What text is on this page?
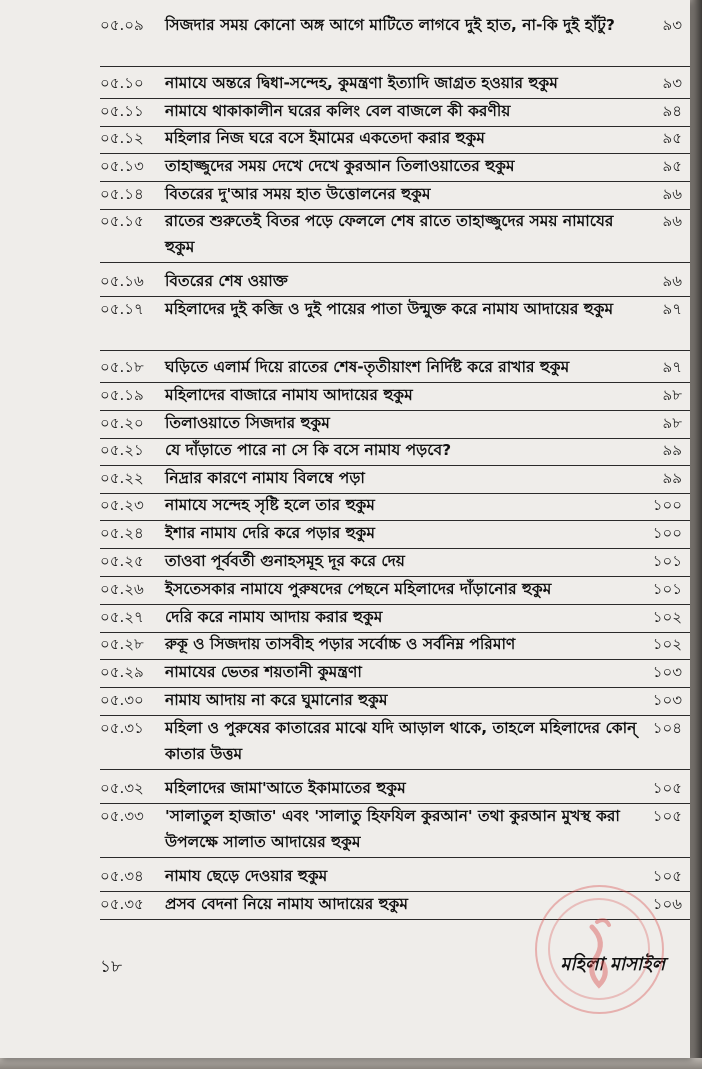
০৫.০৯ সিজদার সময় কোনো অঙ্গ আগে মাটিতে লাগবে দুই হাত, না-কি দুই হাঁটু?	৯৩
০৫.১০ নামাযে অন্তরে দ্বিধা-সন্দেহ, কুমন্ত্রণা ইত্যাদি জাগ্রত হওয়ার হুকুম	৯৩
০৫.১১ নামাযে থাকাকালীন ঘরের কলিং বেল বাজলে কী করণীয়	৯৪
০৫.১২ মহিলার নিজ ঘরে বসে ইমামের একতেদা করার হুকুম	৯৫
০৫.১৩ তাহাজ্জুদের সময় দেখে দেখে কুরআন তিলাওয়াতের হুকুম	৯৫
০৫.১৪ বিতরের দু'আর সময় হাত উত্তোলনের হুকুম	৯৬
০৫.১৫ রাতের শুরুতেই বিতর পড়ে ফেললে শেষ রাতে তাহাজ্জুদের সময় নামাযের হুকুম
৯৬
০৫.১৬ বিতরের শেষ ওয়াক্ত	৯৬
০৫.১৭ মহিলাদের দুই কব্জি ও দুই পায়ের পাতা উন্মুক্ত করে নামায আদায়ের হুকুম	৯৭
০৫.১৮ ঘড়িতে এলার্ম দিয়ে রাতের শেষ-তৃতীয়াংশ নির্দিষ্ট করে রাখার হুকুম	৯৭
০৫.১৯ মহিলাদের বাজারে নামায আদায়ের হুকুম	৯৮
০৫.২০ তিলাওয়াতে সিজদার হুকুম	৯৮
০৫.২১ যে দাঁড়াতে পারে না সে কি বসে নামায পড়বে?	৯৯
০৫.২২ নিদ্রার কারণে নামায বিলম্বে পড়া	৯৯
০৫.২৩ নামাযে সন্দেহ সৃষ্টি হলে তার হুকুম	১০০
০৫.২৪ ইশার নামায দেরি করে পড়ার হুকুম	১০০
০৫.২৫ তাওবা পূর্ববর্তী গুনাহসমূহ দূর করে দেয়	১০১
০৫.২৬ ইসতেসকার নামাযে পুরুষদের পেছনে মহিলাদের দাঁড়ানোর হুকুম	১০১
০৫.২৭ দেরি করে নামায আদায় করার হুকুম	১০২
০৫.২৮ রুকূ ও সিজদায় তাসবীহ পড়ার সর্বোচ্চ ও সর্বনিম্ন পরিমাণ	১০২
০৫.২৯ নামাযের ভেতর শয়তানী কুমন্ত্রণা	১০৩
০৫.৩০ নামায আদায় না করে ঘুমানোর হুকুম	১০৩
০৫.৩১ মহিলা ও পুরুষের কাতারের মাঝে যদি আড়াল থাকে, তাহলে মহিলাদের কোন্ কাতার উত্তম
১০৪
০৫.৩২ মহিলাদের জামা'আতে ইকামাতের হুকুম	১০৫
০৫.৩৩ 'সালাতুল হাজাত' এবং 'সালাতু হিফযিল কুরআন' তথা কুরআন মুখস্থ করা উপলক্ষে সালাত আদায়ের হুকুম
১০৫
০৫.৩৪ নামায ছেড়ে দেওয়ার হুকুম	১০৫
০৫.৩৫ প্রসব বেদনা নিয়ে নামায আদায়ের হুকুম	১০৬
১৮	মহিলা মাসাইল
